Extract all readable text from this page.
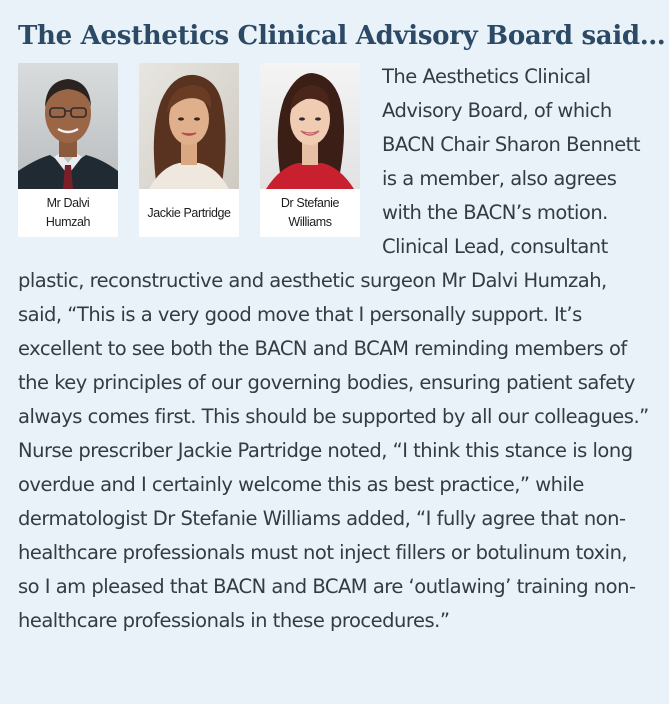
The Aesthetics Clinical Advisory Board said…
Mr Dalvi
Humzah
Jackie Partridge
Dr Stefanie
Williams

The Aesthetics Clinical Advisory Board, of which BACN Chair Sharon Bennett is a member, also agrees with the BACN’s motion. Clinical Lead, consultant plastic, reconstructive and aesthetic surgeon Mr Dalvi Humzah, said, “This is a very good move that I personally support. It’s excellent to see both the BACN and BCAM reminding members of the key principles of our governing bodies, ensuring patient safety always comes first. This should be supported by all our colleagues.” Nurse prescriber Jackie Partridge noted, “I think this stance is long overdue and I certainly welcome this as best practice,” while dermatologist Dr Stefanie Williams added, “I fully agree that non-healthcare professionals must not inject fillers or botulinum toxin, so I am pleased that BACN and BCAM are ‘outlawing’ training non-healthcare professionals in these procedures.”
